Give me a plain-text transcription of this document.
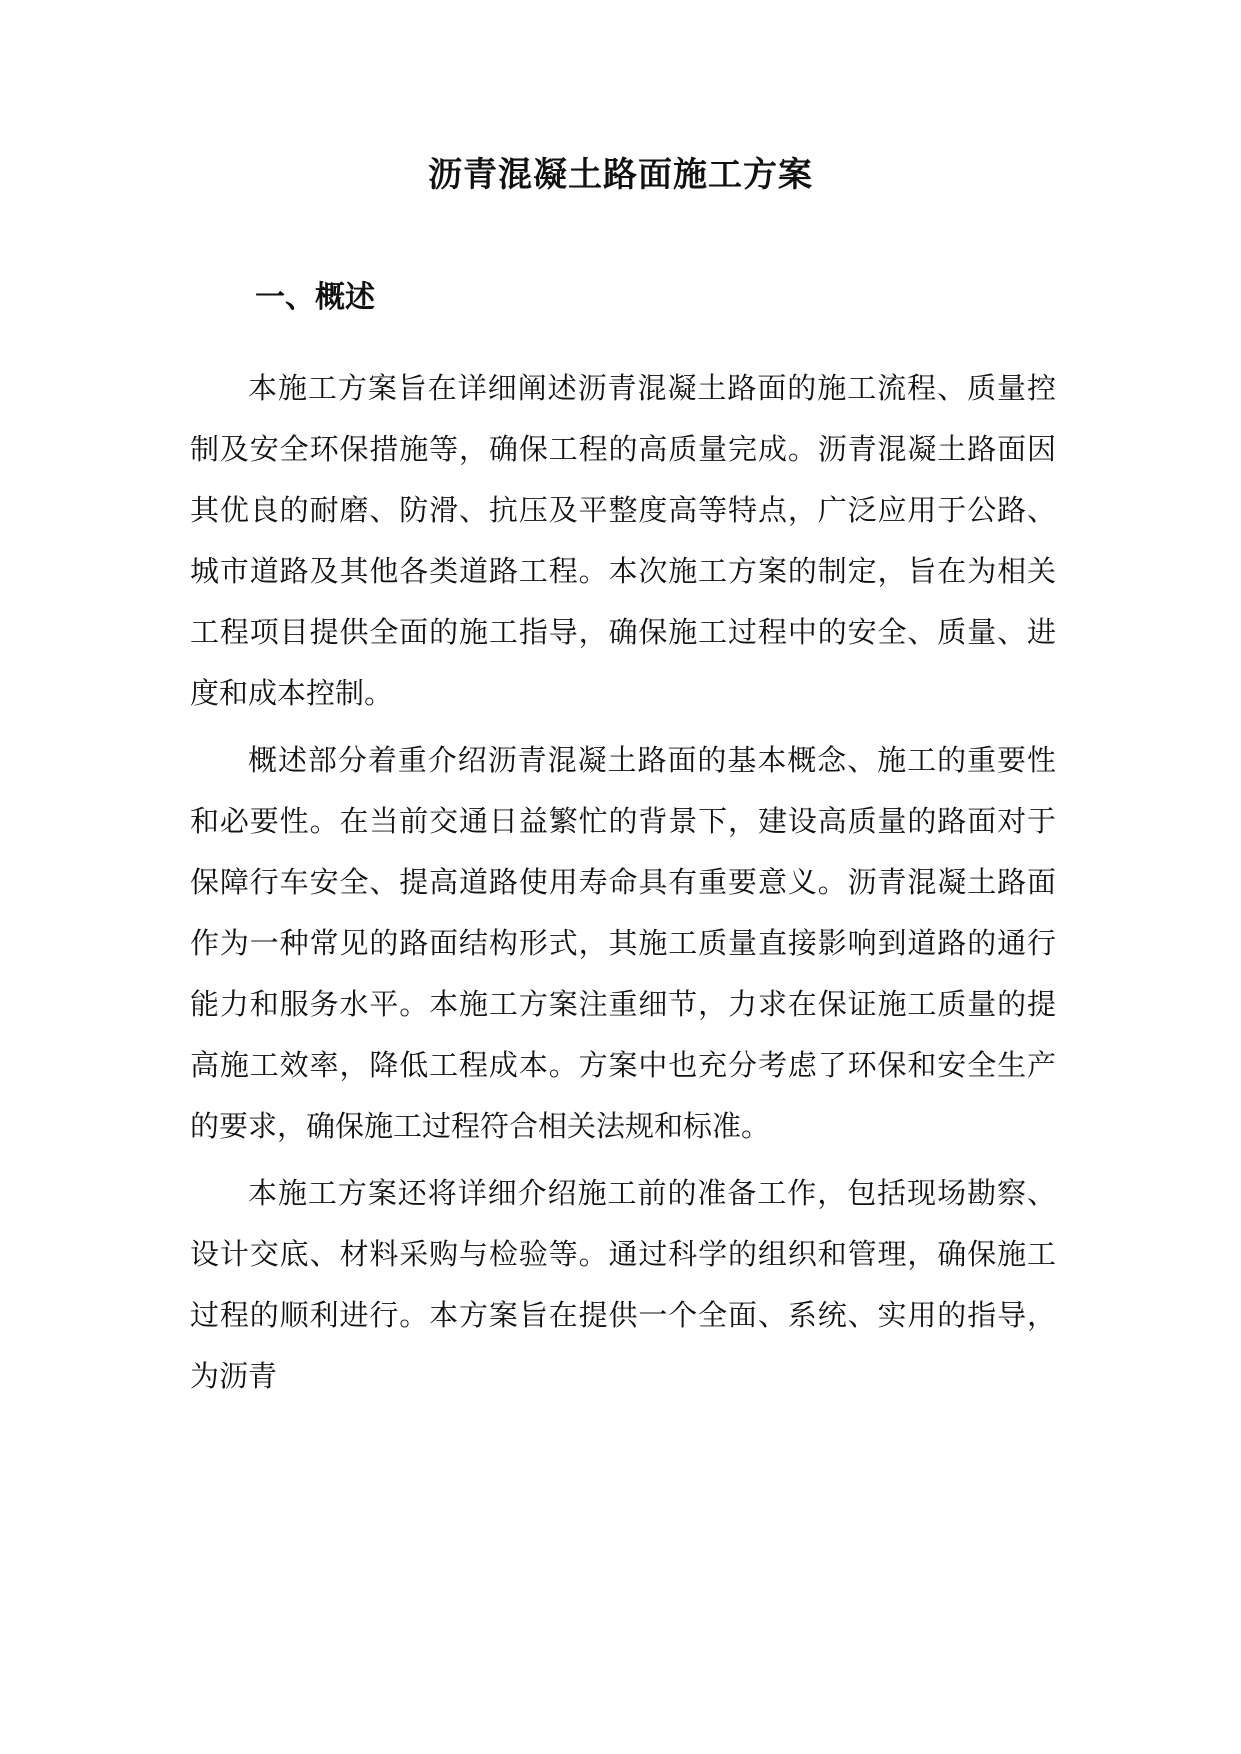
沥青混凝土路面施工方案
一、概述

本施工方案旨在详细阐述沥青混凝土路面的施工流程、质量控制及安全环保措施等，确保工程的高质量完成。沥青混凝土路面因其优良的耐磨、防滑、抗压及平整度高等特点，广泛应用于公路、城市道路及其他各类道路工程。本次施工方案的制定，旨在为相关工程项目提供全面的施工指导，确保施工过程中的安全、质量、进度和成本控制。

概述部分着重介绍沥青混凝土路面的基本概念、施工的重要性和必要性。在当前交通日益繁忙的背景下，建设高质量的路面对于保障行车安全、提高道路使用寿命具有重要意义。沥青混凝土路面作为一种常见的路面结构形式，其施工质量直接影响到道路的通行能力和服务水平。本施工方案注重细节，力求在保证施工质量的提高施工效率，降低工程成本。方案中也充分考虑了环保和安全生产的要求，确保施工过程符合相关法规和标准。

本施工方案还将详细介绍施工前的准备工作，包括现场勘察、设计交底、材料采购与检验等。通过科学的组织和管理，确保施工过程的顺利进行。本方案旨在提供一个全面、系统、实用的指导，为沥青
